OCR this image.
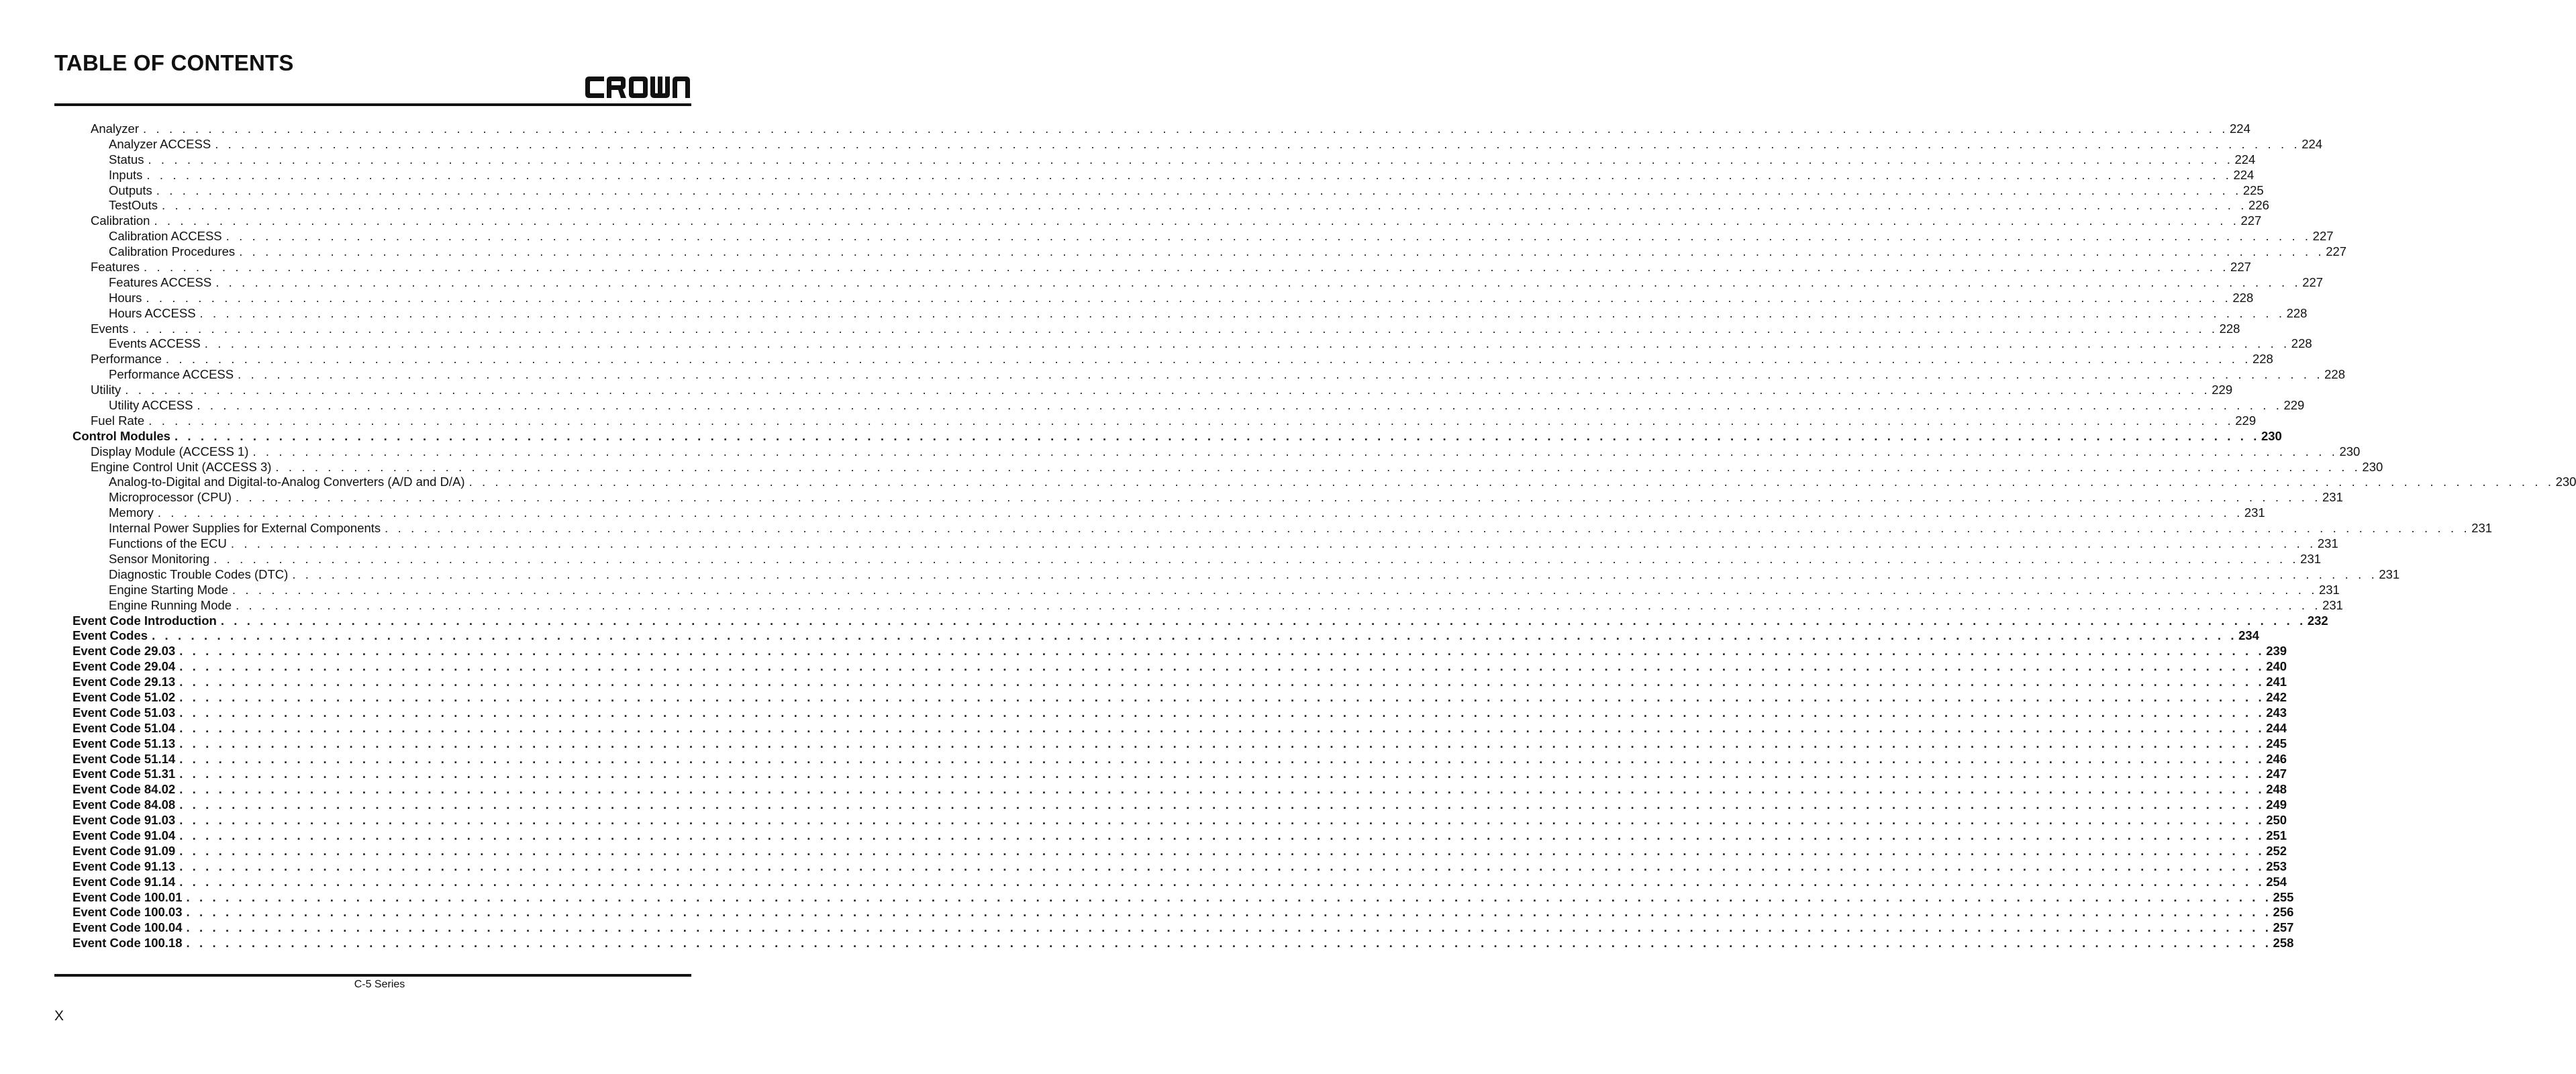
TABLE OF CONTENTS
Analyzer . . . . . . . . . . . . . . . . . . . . . . . . . . . . . . . . . . . . . . . . . . . . . . . . . . . . . . . . . . . . . . . . . . . . . . . . . . . . . . . . . . . . . . . . . . . . . . . . . . . . . . . . . . . . . . . . . . . . . . . . . . . . . . . . . . . . . . . . . . . . . . . . . . . . . . . . . . . . . . . . 224
Analyzer ACCESS . . . . . . . . . . . . . . . . . . . . . . . . . . . . . . . . . . . . . . . . . . . . . . . . . . . . . . . . . . . . . . . . . . . . . . . . . . . . . . . . . . . . . . . . . . . . . . . . . . . . . . . . . . . . . . . . . . . . . . . . . . . . . . . . . . . . . . . . . . . . . . . . . . . . . . . . . . . . . . . . 224
Status . . . . . . . . . . . . . . . . . . . . . . . . . . . . . . . . . . . . . . . . . . . . . . . . . . . . . . . . . . . . . . . . . . . . . . . . . . . . . . . . . . . . . . . . . . . . . . . . . . . . . . . . . . . . . . . . . . . . . . . . . . . . . . . . . . . . . . . . . . . . . . . . . . . . . . . . . . . . . . . . 224
Inputs . . . . . . . . . . . . . . . . . . . . . . . . . . . . . . . . . . . . . . . . . . . . . . . . . . . . . . . . . . . . . . . . . . . . . . . . . . . . . . . . . . . . . . . . . . . . . . . . . . . . . . . . . . . . . . . . . . . . . . . . . . . . . . . . . . . . . . . . . . . . . . . . . . . . . . . . . . . . . . . . 224
Outputs . . . . . . . . . . . . . . . . . . . . . . . . . . . . . . . . . . . . . . . . . . . . . . . . . . . . . . . . . . . . . . . . . . . . . . . . . . . . . . . . . . . . . . . . . . . . . . . . . . . . . . . . . . . . . . . . . . . . . . . . . . . . . . . . . . . . . . . . . . . . . . . . . . . . . . . . . . . . . . . . 225
TestOuts . . . . . . . . . . . . . . . . . . . . . . . . . . . . . . . . . . . . . . . . . . . . . . . . . . . . . . . . . . . . . . . . . . . . . . . . . . . . . . . . . . . . . . . . . . . . . . . . . . . . . . . . . . . . . . . . . . . . . . . . . . . . . . . . . . . . . . . . . . . . . . . . . . . . . . . . . . . . . . . . 226
Calibration . . . . . . . . . . . . . . . . . . . . . . . . . . . . . . . . . . . . . . . . . . . . . . . . . . . . . . . . . . . . . . . . . . . . . . . . . . . . . . . . . . . . . . . . . . . . . . . . . . . . . . . . . . . . . . . . . . . . . . . . . . . . . . . . . . . . . . . . . . . . . . . . . . . . . . . . . . . . . . . . 227
Calibration ACCESS . . . . . . . . . . . . . . . . . . . . . . . . . . . . . . . . . . . . . . . . . . . . . . . . . . . . . . . . . . . . . . . . . . . . . . . . . . . . . . . . . . . . . . . . . . . . . . . . . . . . . . . . . . . . . . . . . . . . . . . . . . . . . . . . . . . . . . . . . . . . . . . . . . . . . . . . . . . . . . . . 227
Calibration Procedures . . . . . . . . . . . . . . . . . . . . . . . . . . . . . . . . . . . . . . . . . . . . . . . . . . . . . . . . . . . . . . . . . . . . . . . . . . . . . . . . . . . . . . . . . . . . . . . . . . . . . . . . . . . . . . . . . . . . . . . . . . . . . . . . . . . . . . . . . . . . . . . . . . . . . . . . . . . . . . . . 227
Features . . . . . . . . . . . . . . . . . . . . . . . . . . . . . . . . . . . . . . . . . . . . . . . . . . . . . . . . . . . . . . . . . . . . . . . . . . . . . . . . . . . . . . . . . . . . . . . . . . . . . . . . . . . . . . . . . . . . . . . . . . . . . . . . . . . . . . . . . . . . . . . . . . . . . . . . . . . . . . . . 227
Features ACCESS . . . . . . . . . . . . . . . . . . . . . . . . . . . . . . . . . . . . . . . . . . . . . . . . . . . . . . . . . . . . . . . . . . . . . . . . . . . . . . . . . . . . . . . . . . . . . . . . . . . . . . . . . . . . . . . . . . . . . . . . . . . . . . . . . . . . . . . . . . . . . . . . . . . . . . . . . . . . . . . . 227
Hours . . . . . . . . . . . . . . . . . . . . . . . . . . . . . . . . . . . . . . . . . . . . . . . . . . . . . . . . . . . . . . . . . . . . . . . . . . . . . . . . . . . . . . . . . . . . . . . . . . . . . . . . . . . . . . . . . . . . . . . . . . . . . . . . . . . . . . . . . . . . . . . . . . . . . . . . . . . . . . . . 228
Hours ACCESS . . . . . . . . . . . . . . . . . . . . . . . . . . . . . . . . . . . . . . . . . . . . . . . . . . . . . . . . . . . . . . . . . . . . . . . . . . . . . . . . . . . . . . . . . . . . . . . . . . . . . . . . . . . . . . . . . . . . . . . . . . . . . . . . . . . . . . . . . . . . . . . . . . . . . . . . . . . . . . . . 228
Events . . . . . . . . . . . . . . . . . . . . . . . . . . . . . . . . . . . . . . . . . . . . . . . . . . . . . . . . . . . . . . . . . . . . . . . . . . . . . . . . . . . . . . . . . . . . . . . . . . . . . . . . . . . . . . . . . . . . . . . . . . . . . . . . . . . . . . . . . . . . . . . . . . . . . . . . . . . . . . . . 228
Events ACCESS . . . . . . . . . . . . . . . . . . . . . . . . . . . . . . . . . . . . . . . . . . . . . . . . . . . . . . . . . . . . . . . . . . . . . . . . . . . . . . . . . . . . . . . . . . . . . . . . . . . . . . . . . . . . . . . . . . . . . . . . . . . . . . . . . . . . . . . . . . . . . . . . . . . . . . . . . . . . . . . . 228
Performance . . . . . . . . . . . . . . . . . . . . . . . . . . . . . . . . . . . . . . . . . . . . . . . . . . . . . . . . . . . . . . . . . . . . . . . . . . . . . . . . . . . . . . . . . . . . . . . . . . . . . . . . . . . . . . . . . . . . . . . . . . . . . . . . . . . . . . . . . . . . . . . . . . . . . . . . . . . . . . . . 228
Performance ACCESS . . . . . . . . . . . . . . . . . . . . . . . . . . . . . . . . . . . . . . . . . . . . . . . . . . . . . . . . . . . . . . . . . . . . . . . . . . . . . . . . . . . . . . . . . . . . . . . . . . . . . . . . . . . . . . . . . . . . . . . . . . . . . . . . . . . . . . . . . . . . . . . . . . . . . . . . . . . . . . . . 228
Utility . . . . . . . . . . . . . . . . . . . . . . . . . . . . . . . . . . . . . . . . . . . . . . . . . . . . . . . . . . . . . . . . . . . . . . . . . . . . . . . . . . . . . . . . . . . . . . . . . . . . . . . . . . . . . . . . . . . . . . . . . . . . . . . . . . . . . . . . . . . . . . . . . . . . . . . . . . . . . . . . 229
Utility ACCESS . . . . . . . . . . . . . . . . . . . . . . . . . . . . . . . . . . . . . . . . . . . . . . . . . . . . . . . . . . . . . . . . . . . . . . . . . . . . . . . . . . . . . . . . . . . . . . . . . . . . . . . . . . . . . . . . . . . . . . . . . . . . . . . . . . . . . . . . . . . . . . . . . . . . . . . . . . . . . . . . 229
Fuel Rate . . . . . . . . . . . . . . . . . . . . . . . . . . . . . . . . . . . . . . . . . . . . . . . . . . . . . . . . . . . . . . . . . . . . . . . . . . . . . . . . . . . . . . . . . . . . . . . . . . . . . . . . . . . . . . . . . . . . . . . . . . . . . . . . . . . . . . . . . . . . . . . . . . . . . . . . . . . . . . . . 229
Control Modules . . . . . . . . . . . . . . . . . . . . . . . . . . . . . . . . . . . . . . . . . . . . . . . . . . . . . . . . . . . . . . . . . . . . . . . . . . . . . . . . . . . . . . . . . . . . . . . . . . . . . . . . . . . . . . . . . . . . . . . . . . . . . . . . . . . . . . . . . . . . . . . . . . . . . . . . . . . . . . . . 230
Display Module (ACCESS 1) . . . . . . . . . . . . . . . . . . . . . . . . . . . . . . . . . . . . . . . . . . . . . . . . . . . . . . . . . . . . . . . . . . . . . . . . . . . . . . . . . . . . . . . . . . . . . . . . . . . . . . . . . . . . . . . . . . . . . . . . . . . . . . . . . . . . . . . . . . . . . . . . . . . . . . . . . . . . . . . . 230
Engine Control Unit (ACCESS 3) . . . . . . . . . . . . . . . . . . . . . . . . . . . . . . . . . . . . . . . . . . . . . . . . . . . . . . . . . . . . . . . . . . . . . . . . . . . . . . . . . . . . . . . . . . . . . . . . . . . . . . . . . . . . . . . . . . . . . . . . . . . . . . . . . . . . . . . . . . . . . . . . . . . . . . . . . . . . . . . . 230
Analog-to-Digital and Digital-to-Analog Converters (A/D and D/A) . . . . . . . . . . . . . . . . . . . . . . . . . . . . . . . . . . . . . . . . . . . . . . . . . . . . . . . . . . . . . . . . . . . . . . . . . . . . . . . . . . . . . . . . . . . . . . . . . . . . . . . . . . . . . . . . . . . . . . . . . . . . . . . . . . . . . . . . . . . . . . . . . . . . . . . . . . . . . . . . 230
Microprocessor (CPU) . . . . . . . . . . . . . . . . . . . . . . . . . . . . . . . . . . . . . . . . . . . . . . . . . . . . . . . . . . . . . . . . . . . . . . . . . . . . . . . . . . . . . . . . . . . . . . . . . . . . . . . . . . . . . . . . . . . . . . . . . . . . . . . . . . . . . . . . . . . . . . . . . . . . . . . . . . . . . . . . 231
Memory . . . . . . . . . . . . . . . . . . . . . . . . . . . . . . . . . . . . . . . . . . . . . . . . . . . . . . . . . . . . . . . . . . . . . . . . . . . . . . . . . . . . . . . . . . . . . . . . . . . . . . . . . . . . . . . . . . . . . . . . . . . . . . . . . . . . . . . . . . . . . . . . . . . . . . . . . . . . . . . . 231
Internal Power Supplies for External Components . . . . . . . . . . . . . . . . . . . . . . . . . . . . . . . . . . . . . . . . . . . . . . . . . . . . . . . . . . . . . . . . . . . . . . . . . . . . . . . . . . . . . . . . . . . . . . . . . . . . . . . . . . . . . . . . . . . . . . . . . . . . . . . . . . . . . . . . . . . . . . . . . . . . . . . . . . . . . . . . 231
Functions of the ECU . . . . . . . . . . . . . . . . . . . . . . . . . . . . . . . . . . . . . . . . . . . . . . . . . . . . . . . . . . . . . . . . . . . . . . . . . . . . . . . . . . . . . . . . . . . . . . . . . . . . . . . . . . . . . . . . . . . . . . . . . . . . . . . . . . . . . . . . . . . . . . . . . . . . . . . . . . . . . . . . 231
Sensor Monitoring . . . . . . . . . . . . . . . . . . . . . . . . . . . . . . . . . . . . . . . . . . . . . . . . . . . . . . . . . . . . . . . . . . . . . . . . . . . . . . . . . . . . . . . . . . . . . . . . . . . . . . . . . . . . . . . . . . . . . . . . . . . . . . . . . . . . . . . . . . . . . . . . . . . . . . . . . . . . . . . . 231
Diagnostic Trouble Codes (DTC) . . . . . . . . . . . . . . . . . . . . . . . . . . . . . . . . . . . . . . . . . . . . . . . . . . . . . . . . . . . . . . . . . . . . . . . . . . . . . . . . . . . . . . . . . . . . . . . . . . . . . . . . . . . . . . . . . . . . . . . . . . . . . . . . . . . . . . . . . . . . . . . . . . . . . . . . . . . . . . . . 231
Engine Starting Mode . . . . . . . . . . . . . . . . . . . . . . . . . . . . . . . . . . . . . . . . . . . . . . . . . . . . . . . . . . . . . . . . . . . . . . . . . . . . . . . . . . . . . . . . . . . . . . . . . . . . . . . . . . . . . . . . . . . . . . . . . . . . . . . . . . . . . . . . . . . . . . . . . . . . . . . . . . . . . . . . 231
Engine Running Mode . . . . . . . . . . . . . . . . . . . . . . . . . . . . . . . . . . . . . . . . . . . . . . . . . . . . . . . . . . . . . . . . . . . . . . . . . . . . . . . . . . . . . . . . . . . . . . . . . . . . . . . . . . . . . . . . . . . . . . . . . . . . . . . . . . . . . . . . . . . . . . . . . . . . . . . . . . . . . . . . 231
Event Code Introduction . . . . . . . . . . . . . . . . . . . . . . . . . . . . . . . . . . . . . . . . . . . . . . . . . . . . . . . . . . . . . . . . . . . . . . . . . . . . . . . . . . . . . . . . . . . . . . . . . . . . . . . . . . . . . . . . . . . . . . . . . . . . . . . . . . . . . . . . . . . . . . . . . . . . . . . . . . . . . . . . 232
Event Codes . . . . . . . . . . . . . . . . . . . . . . . . . . . . . . . . . . . . . . . . . . . . . . . . . . . . . . . . . . . . . . . . . . . . . . . . . . . . . . . . . . . . . . . . . . . . . . . . . . . . . . . . . . . . . . . . . . . . . . . . . . . . . . . . . . . . . . . . . . . . . . . . . . . . . . . . . . . . . . . . 234
Event Code 29.03 . . . . . . . . . . . . . . . . . . . . . . . . . . . . . . . . . . . . . . . . . . . . . . . . . . . . . . . . . . . . . . . . . . . . . . . . . . . . . . . . . . . . . . . . . . . . . . . . . . . . . . . . . . . . . . . . . . . . . . . . . . . . . . . . . . . . . . . . . . . . . . . . . . . . . . . . . . . . . . . . 239
Event Code 29.04 . . . . . . . . . . . . . . . . . . . . . . . . . . . . . . . . . . . . . . . . . . . . . . . . . . . . . . . . . . . . . . . . . . . . . . . . . . . . . . . . . . . . . . . . . . . . . . . . . . . . . . . . . . . . . . . . . . . . . . . . . . . . . . . . . . . . . . . . . . . . . . . . . . . . . . . . . . . . . . . . 240
Event Code 29.13 . . . . . . . . . . . . . . . . . . . . . . . . . . . . . . . . . . . . . . . . . . . . . . . . . . . . . . . . . . . . . . . . . . . . . . . . . . . . . . . . . . . . . . . . . . . . . . . . . . . . . . . . . . . . . . . . . . . . . . . . . . . . . . . . . . . . . . . . . . . . . . . . . . . . . . . . . . . . . . . . 241
Event Code 51.02 . . . . . . . . . . . . . . . . . . . . . . . . . . . . . . . . . . . . . . . . . . . . . . . . . . . . . . . . . . . . . . . . . . . . . . . . . . . . . . . . . . . . . . . . . . . . . . . . . . . . . . . . . . . . . . . . . . . . . . . . . . . . . . . . . . . . . . . . . . . . . . . . . . . . . . . . . . . . . . . . 242
Event Code 51.03 . . . . . . . . . . . . . . . . . . . . . . . . . . . . . . . . . . . . . . . . . . . . . . . . . . . . . . . . . . . . . . . . . . . . . . . . . . . . . . . . . . . . . . . . . . . . . . . . . . . . . . . . . . . . . . . . . . . . . . . . . . . . . . . . . . . . . . . . . . . . . . . . . . . . . . . . . . . . . . . . 243
Event Code 51.04 . . . . . . . . . . . . . . . . . . . . . . . . . . . . . . . . . . . . . . . . . . . . . . . . . . . . . . . . . . . . . . . . . . . . . . . . . . . . . . . . . . . . . . . . . . . . . . . . . . . . . . . . . . . . . . . . . . . . . . . . . . . . . . . . . . . . . . . . . . . . . . . . . . . . . . . . . . . . . . . . 244
Event Code 51.13 . . . . . . . . . . . . . . . . . . . . . . . . . . . . . . . . . . . . . . . . . . . . . . . . . . . . . . . . . . . . . . . . . . . . . . . . . . . . . . . . . . . . . . . . . . . . . . . . . . . . . . . . . . . . . . . . . . . . . . . . . . . . . . . . . . . . . . . . . . . . . . . . . . . . . . . . . . . . . . . . 245
Event Code 51.14 . . . . . . . . . . . . . . . . . . . . . . . . . . . . . . . . . . . . . . . . . . . . . . . . . . . . . . . . . . . . . . . . . . . . . . . . . . . . . . . . . . . . . . . . . . . . . . . . . . . . . . . . . . . . . . . . . . . . . . . . . . . . . . . . . . . . . . . . . . . . . . . . . . . . . . . . . . . . . . . . 246
Event Code 51.31 . . . . . . . . . . . . . . . . . . . . . . . . . . . . . . . . . . . . . . . . . . . . . . . . . . . . . . . . . . . . . . . . . . . . . . . . . . . . . . . . . . . . . . . . . . . . . . . . . . . . . . . . . . . . . . . . . . . . . . . . . . . . . . . . . . . . . . . . . . . . . . . . . . . . . . . . . . . . . . . . 247
Event Code 84.02 . . . . . . . . . . . . . . . . . . . . . . . . . . . . . . . . . . . . . . . . . . . . . . . . . . . . . . . . . . . . . . . . . . . . . . . . . . . . . . . . . . . . . . . . . . . . . . . . . . . . . . . . . . . . . . . . . . . . . . . . . . . . . . . . . . . . . . . . . . . . . . . . . . . . . . . . . . . . . . . . 248
Event Code 84.08 . . . . . . . . . . . . . . . . . . . . . . . . . . . . . . . . . . . . . . . . . . . . . . . . . . . . . . . . . . . . . . . . . . . . . . . . . . . . . . . . . . . . . . . . . . . . . . . . . . . . . . . . . . . . . . . . . . . . . . . . . . . . . . . . . . . . . . . . . . . . . . . . . . . . . . . . . . . . . . . . 249
Event Code 91.03 . . . . . . . . . . . . . . . . . . . . . . . . . . . . . . . . . . . . . . . . . . . . . . . . . . . . . . . . . . . . . . . . . . . . . . . . . . . . . . . . . . . . . . . . . . . . . . . . . . . . . . . . . . . . . . . . . . . . . . . . . . . . . . . . . . . . . . . . . . . . . . . . . . . . . . . . . . . . . . . . 250
Event Code 91.04 . . . . . . . . . . . . . . . . . . . . . . . . . . . . . . . . . . . . . . . . . . . . . . . . . . . . . . . . . . . . . . . . . . . . . . . . . . . . . . . . . . . . . . . . . . . . . . . . . . . . . . . . . . . . . . . . . . . . . . . . . . . . . . . . . . . . . . . . . . . . . . . . . . . . . . . . . . . . . . . . 251
Event Code 91.09 . . . . . . . . . . . . . . . . . . . . . . . . . . . . . . . . . . . . . . . . . . . . . . . . . . . . . . . . . . . . . . . . . . . . . . . . . . . . . . . . . . . . . . . . . . . . . . . . . . . . . . . . . . . . . . . . . . . . . . . . . . . . . . . . . . . . . . . . . . . . . . . . . . . . . . . . . . . . . . . . 252
Event Code 91.13 . . . . . . . . . . . . . . . . . . . . . . . . . . . . . . . . . . . . . . . . . . . . . . . . . . . . . . . . . . . . . . . . . . . . . . . . . . . . . . . . . . . . . . . . . . . . . . . . . . . . . . . . . . . . . . . . . . . . . . . . . . . . . . . . . . . . . . . . . . . . . . . . . . . . . . . . . . . . . . . . 253
Event Code 91.14 . . . . . . . . . . . . . . . . . . . . . . . . . . . . . . . . . . . . . . . . . . . . . . . . . . . . . . . . . . . . . . . . . . . . . . . . . . . . . . . . . . . . . . . . . . . . . . . . . . . . . . . . . . . . . . . . . . . . . . . . . . . . . . . . . . . . . . . . . . . . . . . . . . . . . . . . . . . . . . . . 254
Event Code 100.01 . . . . . . . . . . . . . . . . . . . . . . . . . . . . . . . . . . . . . . . . . . . . . . . . . . . . . . . . . . . . . . . . . . . . . . . . . . . . . . . . . . . . . . . . . . . . . . . . . . . . . . . . . . . . . . . . . . . . . . . . . . . . . . . . . . . . . . . . . . . . . . . . . . . . . . . . . . . . . . . . 255
Event Code 100.03 . . . . . . . . . . . . . . . . . . . . . . . . . . . . . . . . . . . . . . . . . . . . . . . . . . . . . . . . . . . . . . . . . . . . . . . . . . . . . . . . . . . . . . . . . . . . . . . . . . . . . . . . . . . . . . . . . . . . . . . . . . . . . . . . . . . . . . . . . . . . . . . . . . . . . . . . . . . . . . . . 256
Event Code 100.04 . . . . . . . . . . . . . . . . . . . . . . . . . . . . . . . . . . . . . . . . . . . . . . . . . . . . . . . . . . . . . . . . . . . . . . . . . . . . . . . . . . . . . . . . . . . . . . . . . . . . . . . . . . . . . . . . . . . . . . . . . . . . . . . . . . . . . . . . . . . . . . . . . . . . . . . . . . . . . . . . 257
Event Code 100.18 . . . . . . . . . . . . . . . . . . . . . . . . . . . . . . . . . . . . . . . . . . . . . . . . . . . . . . . . . . . . . . . . . . . . . . . . . . . . . . . . . . . . . . . . . . . . . . . . . . . . . . . . . . . . . . . . . . . . . . . . . . . . . . . . . . . . . . . . . . . . . . . . . . . . . . . . . . . . . . . . 258
C-5 Series
X
